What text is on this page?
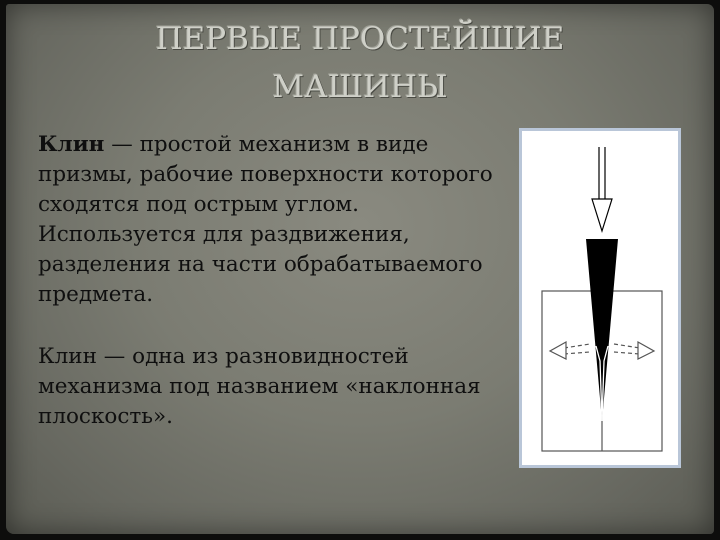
ПЕРВЫЕ ПРОСТЕЙШИЕ
МАШИНЫ

Клин — простой механизм в виде призмы, рабочие поверхности которого сходятся под острым углом. Используется для раздвижения, разделения на части обрабатываемого предмета.

Клин — одна из разновидностей механизма под названием «наклонная плоскость».
